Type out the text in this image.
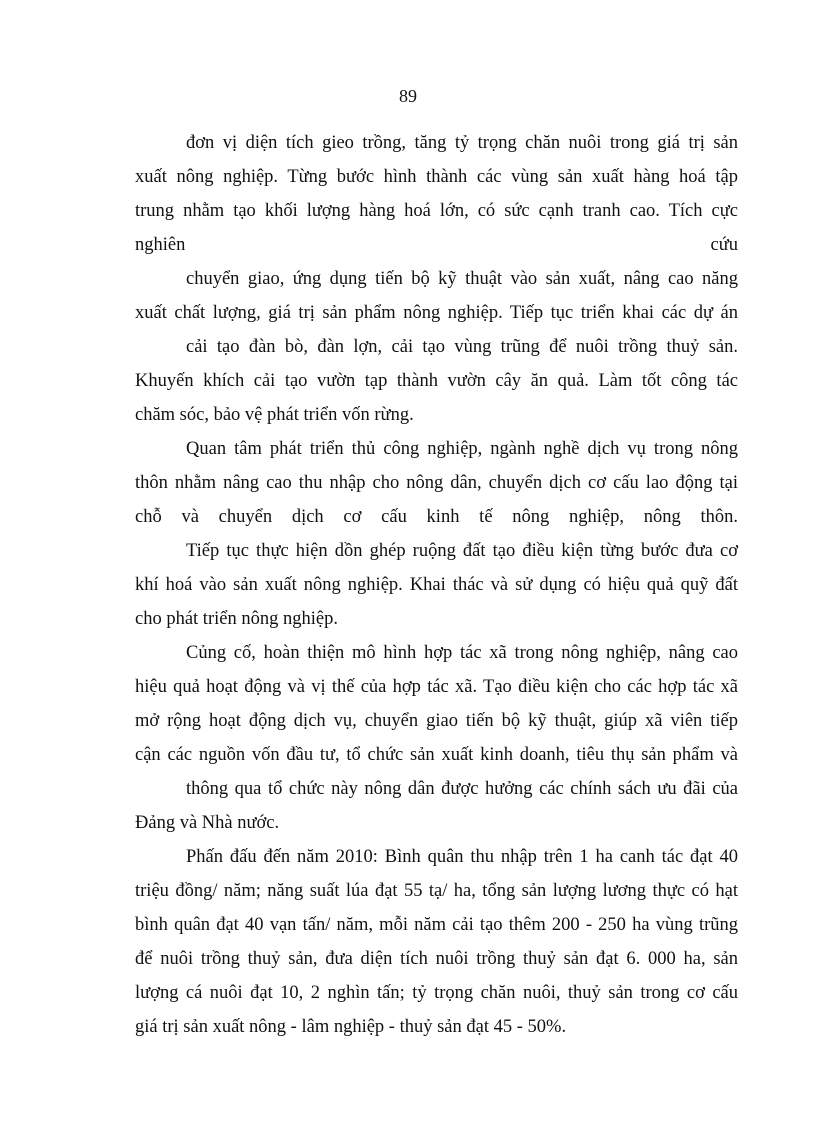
89
đơn vị diện tích gieo trồng, tăng tỷ trọng chăn nuôi trong giá trị sản
xuất nông nghiệp. Từng bước hình thành các vùng sản xuất hàng hoá tập
trung nhằm tạo khối lượng hàng hoá lớn, có sức cạnh tranh cao. Tích cực
nghiên	cứu
chuyển giao, ứng dụng tiến bộ kỹ thuật vào sản xuất, nâng cao năng
xuất chất lượng, giá trị sản phẩm nông nghiệp. Tiếp tục triển khai các dự án
cải tạo đàn bò, đàn lợn, cải tạo vùng trũng để nuôi trồng thuỷ sản.
Khuyến khích cải tạo vườn tạp thành vườn cây ăn quả. Làm tốt công tác
chăm sóc, bảo vệ phát triển vốn rừng.
Quan tâm phát triển thủ công nghiệp, ngành nghề dịch vụ trong nông
thôn nhằm nâng cao thu nhập cho nông dân, chuyển dịch cơ cấu lao động tại
chỗ và chuyển dịch cơ cấu kinh tế nông nghiệp, nông thôn.
Tiếp tục thực hiện dồn ghép ruộng đất tạo điều kiện từng bước đưa cơ
khí hoá vào sản xuất nông nghiệp. Khai thác và sử dụng có hiệu quả quỹ đất
cho phát triển nông nghiệp.
Củng cố, hoàn thiện mô hình hợp tác xã trong nông nghiệp, nâng cao
hiệu quả hoạt động và vị thế của hợp tác xã. Tạo điều kiện cho các hợp tác xã
mở rộng hoạt động dịch vụ, chuyển giao tiến bộ kỹ thuật, giúp xã viên tiếp
cận các nguồn vốn đầu tư, tổ chức sản xuất kinh doanh, tiêu thụ sản phẩm và
thông qua tổ chức này nông dân được hưởng các chính sách ưu đãi của
Đảng và Nhà nước.
Phấn đấu đến năm 2010: Bình quân thu nhập trên 1 ha canh tác đạt 40
triệu đồng/ năm; năng suất lúa đạt 55 tạ/ ha, tổng sản lượng lương thực có hạt
bình quân đạt 40 vạn tấn/ năm, mỗi năm cải tạo thêm 200 - 250 ha vùng trũng
để nuôi trồng thuỷ sản, đưa diện tích nuôi trồng thuỷ sản đạt 6. 000 ha, sản
lượng cá nuôi đạt 10, 2 nghìn tấn; tỷ trọng chăn nuôi, thuỷ sản trong cơ cấu
giá trị sản xuất nông - lâm nghiệp - thuỷ sản đạt 45 - 50%.
